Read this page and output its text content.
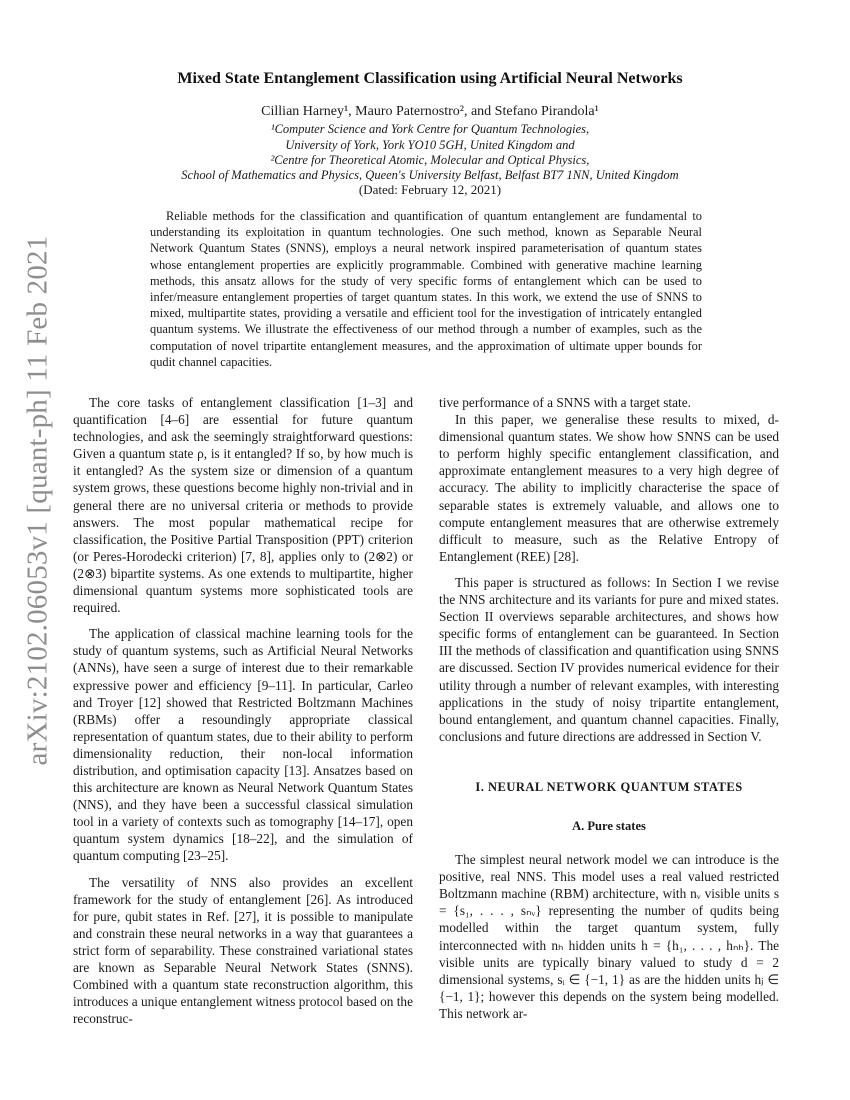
arXiv:2102.06053v1 [quant-ph] 11 Feb 2021
Mixed State Entanglement Classification using Artificial Neural Networks
Cillian Harney¹, Mauro Paternostro², and Stefano Pirandola¹
¹Computer Science and York Centre for Quantum Technologies,
University of York, York YO10 5GH, United Kingdom and
²Centre for Theoretical Atomic, Molecular and Optical Physics,
School of Mathematics and Physics, Queen's University Belfast, Belfast BT7 1NN, United Kingdom
(Dated: February 12, 2021)
Reliable methods for the classification and quantification of quantum entanglement are fundamental to understanding its exploitation in quantum technologies. One such method, known as Separable Neural Network Quantum States (SNNS), employs a neural network inspired parameterisation of quantum states whose entanglement properties are explicitly programmable. Combined with generative machine learning methods, this ansatz allows for the study of very specific forms of entanglement which can be used to infer/measure entanglement properties of target quantum states. In this work, we extend the use of SNNS to mixed, multipartite states, providing a versatile and efficient tool for the investigation of intricately entangled quantum systems. We illustrate the effectiveness of our method through a number of examples, such as the computation of novel tripartite entanglement measures, and the approximation of ultimate upper bounds for qudit channel capacities.

The core tasks of entanglement classification [1–3] and quantification [4–6] are essential for future quantum technologies, and ask the seemingly straightforward questions: Given a quantum state ρ, is it entangled? If so, by how much is it entangled? As the system size or dimension of a quantum system grows, these questions become highly non-trivial and in general there are no universal criteria or methods to provide answers. The most popular mathematical recipe for classification, the Positive Partial Transposition (PPT) criterion (or Peres-Horodecki criterion) [7, 8], applies only to (2⊗2) or (2⊗3) bipartite systems. As one extends to multipartite, higher dimensional quantum systems more sophisticated tools are required.

The application of classical machine learning tools for the study of quantum systems, such as Artificial Neural Networks (ANNs), have seen a surge of interest due to their remarkable expressive power and efficiency [9–11]. In particular, Carleo and Troyer [12] showed that Restricted Boltzmann Machines (RBMs) offer a resoundingly appropriate classical representation of quantum states, due to their ability to perform dimensionality reduction, their non-local information distribution, and optimisation capacity [13]. Ansatzes based on this architecture are known as Neural Network Quantum States (NNS), and they have been a successful classical simulation tool in a variety of contexts such as tomography [14–17], open quantum system dynamics [18–22], and the simulation of quantum computing [23–25].

The versatility of NNS also provides an excellent framework for the study of entanglement [26]. As introduced for pure, qubit states in Ref. [27], it is possible to manipulate and constrain these neural networks in a way that guarantees a strict form of separability. These constrained variational states are known as Separable Neural Network States (SNNS). Combined with a quantum state reconstruction algorithm, this introduces a unique entanglement witness protocol based on the reconstruc-

tive performance of a SNNS with a target state.

In this paper, we generalise these results to mixed, d-dimensional quantum states. We show how SNNS can be used to perform highly specific entanglement classification, and approximate entanglement measures to a very high degree of accuracy. The ability to implicitly characterise the space of separable states is extremely valuable, and allows one to compute entanglement measures that are otherwise extremely difficult to measure, such as the Relative Entropy of Entanglement (REE) [28].

This paper is structured as follows: In Section I we revise the NNS architecture and its variants for pure and mixed states. Section II overviews separable architectures, and shows how specific forms of entanglement can be guaranteed. In Section III the methods of classification and quantification using SNNS are discussed. Section IV provides numerical evidence for their utility through a number of relevant examples, with interesting applications in the study of noisy tripartite entanglement, bound entanglement, and quantum channel capacities. Finally, conclusions and future directions are addressed in Section V.

I. NEURAL NETWORK QUANTUM STATES
A. Pure states

The simplest neural network model we can introduce is the positive, real NNS. This model uses a real valued restricted Boltzmann machine (RBM) architecture, with nᵥ visible units s = {s₁, . . . , sₙᵥ} representing the number of qudits being modelled within the target quantum system, fully interconnected with nₕ hidden units h = {h₁, . . . , hₙₕ}. The visible units are typically binary valued to study d = 2 dimensional systems, sᵢ ∈ {−1, 1} as are the hidden units hⱼ ∈ {−1, 1}; however this depends on the system being modelled. This network ar-
